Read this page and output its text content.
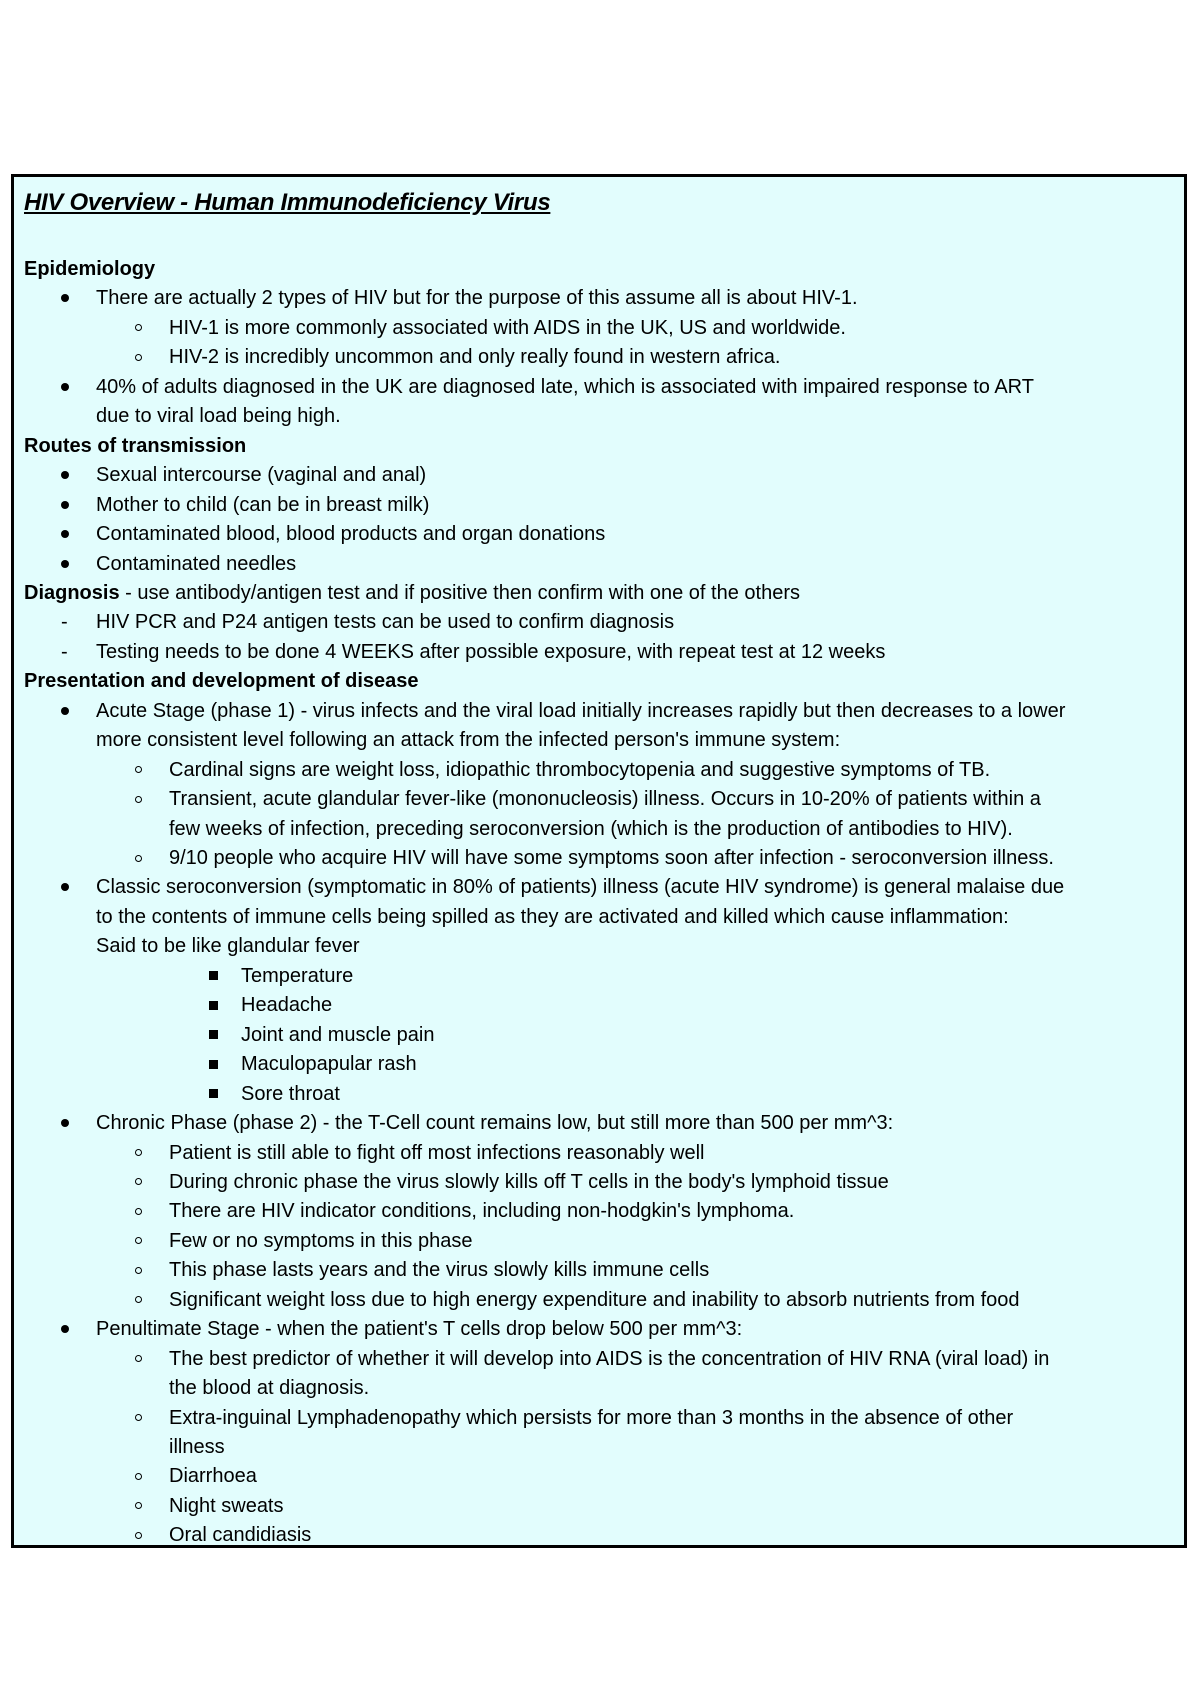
HIV Overview - Human Immunodeficiency Virus
Epidemiology
There are actually 2 types of HIV but for the purpose of this assume all is about HIV-1.
HIV-1 is more commonly associated with AIDS in the UK, US and worldwide.
HIV-2 is incredibly uncommon and only really found in western africa.
40% of adults diagnosed in the UK are diagnosed late, which is associated with impaired response to ART
due to viral load being high.
Routes of transmission
Sexual intercourse (vaginal and anal)
Mother to child (can be in breast milk)
Contaminated blood, blood products and organ donations
Contaminated needles
Diagnosis - use antibody/antigen test and if positive then confirm with one of the others
HIV PCR and P24 antigen tests can be used to confirm diagnosis
-
Testing needs to be done 4 WEEKS after possible exposure, with repeat test at 12 weeks
-
Presentation and development of disease
Acute Stage (phase 1) - virus infects and the viral load initially increases rapidly but then decreases to a lower
more consistent level following an attack from the infected person's immune system:
Cardinal signs are weight loss, idiopathic thrombocytopenia and suggestive symptoms of TB.
Transient, acute glandular fever-like (mononucleosis) illness. Occurs in 10-20% of patients within a
few weeks of infection, preceding seroconversion (which is the production of antibodies to HIV).
9/10 people who acquire HIV will have some symptoms soon after infection - seroconversion illness.
Classic seroconversion (symptomatic in 80% of patients) illness (acute HIV syndrome) is general malaise due
to the contents of immune cells being spilled as they are activated and killed which cause inflammation:
Said to be like glandular fever
Temperature
Headache
Joint and muscle pain
Maculopapular rash
Sore throat
Chronic Phase (phase 2) - the T-Cell count remains low, but still more than 500 per mm^3:
Patient is still able to fight off most infections reasonably well
During chronic phase the virus slowly kills off T cells in the body's lymphoid tissue
There are HIV indicator conditions, including non-hodgkin's lymphoma.
Few or no symptoms in this phase
This phase lasts years and the virus slowly kills immune cells
Significant weight loss due to high energy expenditure and inability to absorb nutrients from food
Penultimate Stage - when the patient's T cells drop below 500 per mm^3:
The best predictor of whether it will develop into AIDS is the concentration of HIV RNA (viral load) in
the blood at diagnosis.
Extra-inguinal Lymphadenopathy which persists for more than 3 months in the absence of other
illness
Diarrhoea
Night sweats
Oral candidiasis
